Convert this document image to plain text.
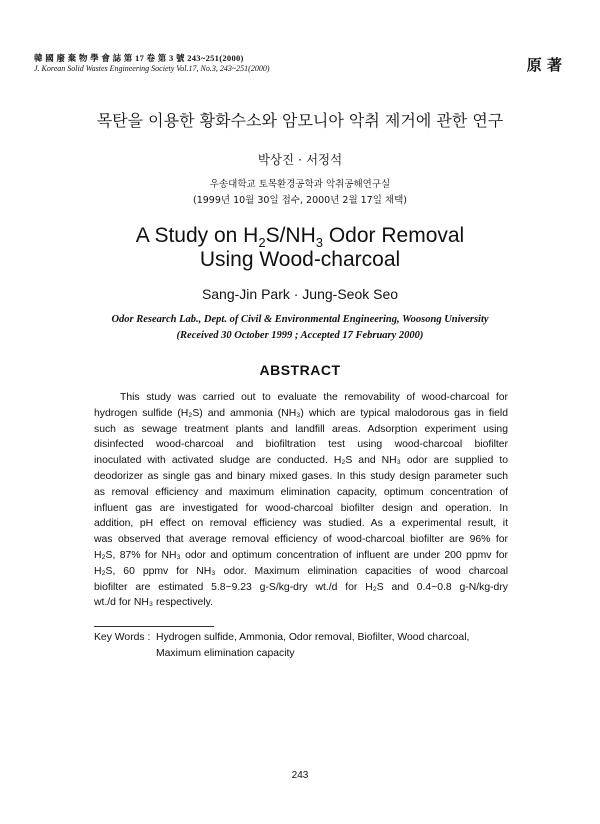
韓 國 廢 棄 物 學 會 誌 第 17 卷 第 3 號 243~251(2000)
J. Korean Solid Wastes Engineering Society Vol.17, No.3, 243~251(2000)	原 著
목탄을 이용한 황화수소와 암모니아 악취 제거에 관한 연구
박상진 · 서정석
우송대학교 토목환경공학과 악취공해연구실
(1999년 10월 30일 접수, 2000년 2월 17일 채택)
A Study on $H_2S/NH_3$ Odor Removal
Using Wood-charcoal
Sang-Jin Park · Jung-Seok Seo
Odor Research Lab., Dept. of Civil & Environmental Engineering, Woosong University
(Received 30 October 1999 ; Accepted 17 February 2000)
ABSTRACT
This study was carried out to evaluate the removability of wood-charcoal for
hydrogen sulfide (H₂S) and ammonia (NH₃) which are typical malodorous gas in field
such as sewage treatment plants and landfill areas. Adsorption experiment using
disinfected wood-charcoal and biofiltration test using wood-charcoal biofilter
inoculated with activated sludge are conducted. H₂S and NH₃ odor are supplied to
deodorizer as single gas and binary mixed gases. In this study design parameter such
as removal efficiency and maximum elimination capacity, optimum concentration of
influent gas are investigated for wood-charcoal biofilter design and operation. In
addition, pH effect on removal efficiency was studied. As a experimental result, it
was observed that average removal efficiency of wood-charcoal biofilter are 96% for
H₂S, 87% for NH₃ odor and optimum concentration of influent are under 200 ppmv for
H₂S, 60 ppmv for NH₃ odor. Maximum elimination capacities of wood charcoal
biofilter are estimated 5.8~9.23 g-S/kg-dry wt./d for H₂S and 0.4~0.8 g-N/kg-dry
wt./d for NH₃ respectively.
Key Words : Hydrogen sulfide, Ammonia, Odor removal, Biofilter, Wood charcoal,
Maximum elimination capacity
243
